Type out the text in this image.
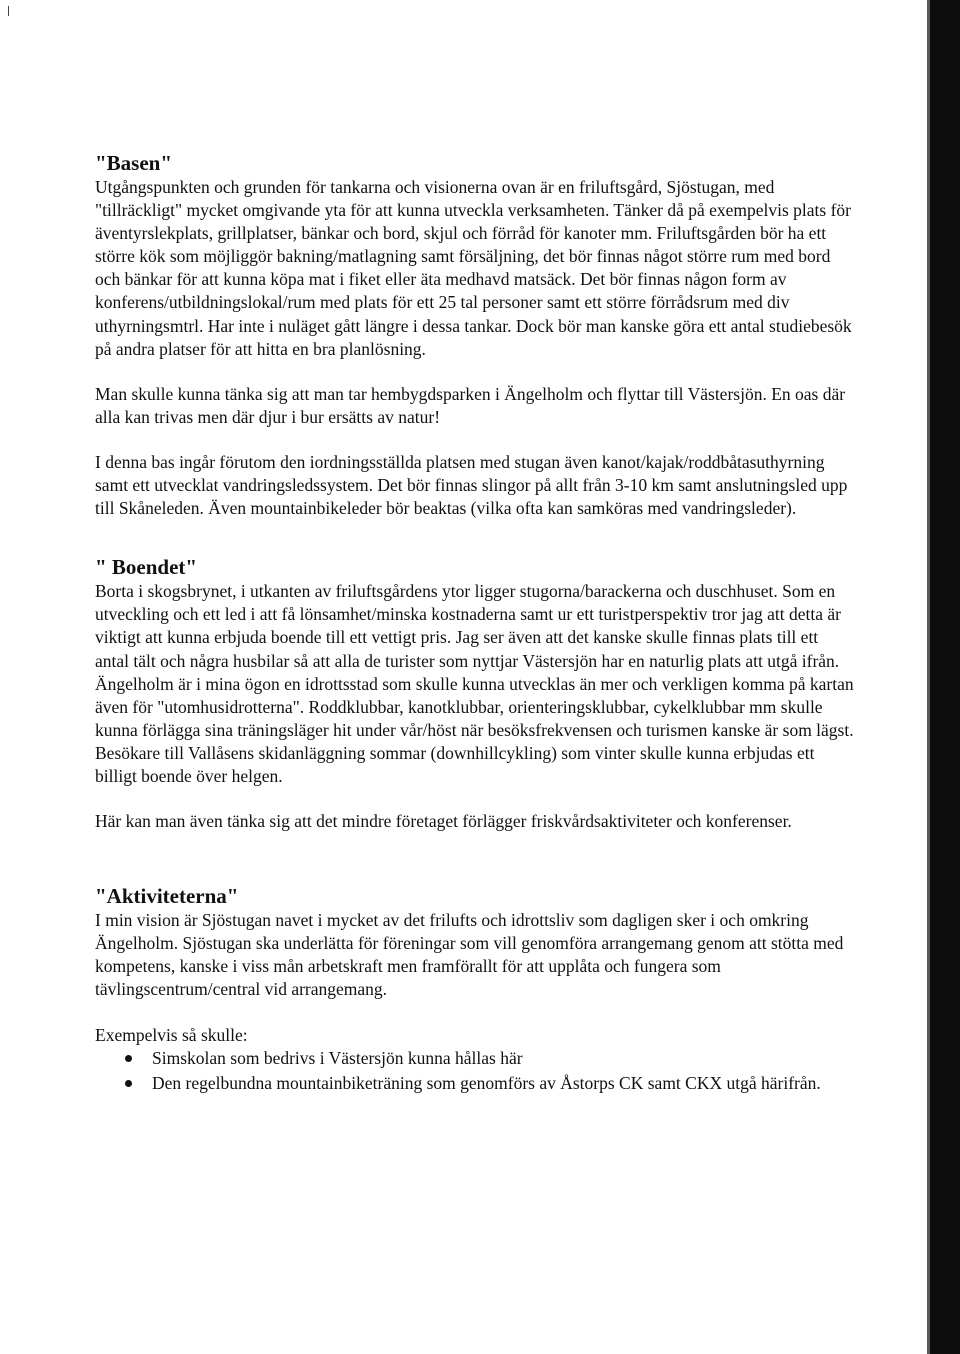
"Basen"

Utgångspunkten och grunden för tankarna och visionerna ovan är en friluftsgård, Sjöstugan, med "tillräckligt" mycket omgivande yta för att kunna utveckla verksamheten. Tänker då på exempelvis plats för äventyrslekplats, grillplatser, bänkar och bord, skjul och förråd för kanoter mm. Friluftsgården bör ha ett större kök som möjliggör bakning/matlagning samt försäljning, det bör finnas något större rum med bord och bänkar för att kunna köpa mat i fiket eller äta medhavd matsäck. Det bör finnas någon form av konferens/utbildningslokal/rum med plats för ett 25 tal personer samt ett större förrådsrum med div uthyrningsmtrl. Har inte i nuläget gått längre i dessa tankar. Dock bör man kanske göra ett antal studiebesök på andra platser för att hitta en bra planlösning.

Man skulle kunna tänka sig att man tar hembygdsparken i Ängelholm och flyttar till Västersjön. En oas där alla kan trivas men där djur i bur ersätts av natur!

I denna bas ingår förutom den iordningsställda platsen med stugan även kanot/kajak/roddbåtasuthyrning samt ett utvecklat vandringsledssystem. Det bör finnas slingor på allt från 3-10 km samt anslutningsled upp till Skåneleden. Även mountainbikeleder bör beaktas (vilka ofta kan samköras med vandringsleder).

" Boendet"

Borta i skogsbrynet, i utkanten av friluftsgårdens ytor ligger stugorna/barackerna och duschhuset. Som en utveckling och ett led i att få lönsamhet/minska kostnaderna samt ur ett turistperspektiv tror jag att detta är viktigt att kunna erbjuda boende till ett vettigt pris. Jag ser även att det kanske skulle finnas plats till ett antal tält och några husbilar så att alla de turister som nyttjar Västersjön har en naturlig plats att utgå ifrån. Ängelholm är i mina ögon en idrottsstad som skulle kunna utvecklas än mer och verkligen komma på kartan även för "utomhusidrotterna". Roddklubbar, kanotklubbar, orienteringsklubbar, cykelklubbar mm skulle kunna förlägga sina träningsläger hit under vår/höst när besöksfrekvensen och turismen kanske är som lägst. Besökare till Vallåsens skidanläggning sommar (downhillcykling) som vinter skulle kunna erbjudas ett billigt boende över helgen.

Här kan man även tänka sig att det mindre företaget förlägger friskvårdsaktiviteter och konferenser.

"Aktiviteterna"

I min vision är Sjöstugan navet i mycket av det frilufts och idrottsliv som dagligen sker i och omkring Ängelholm. Sjöstugan ska underlätta för föreningar som vill genomföra arrangemang genom att stötta med kompetens, kanske i viss mån arbetskraft men framförallt för att upplåta och fungera som tävlingscentrum/central vid arrangemang.

Exempelvis så skulle:

Simskolan som bedrivs i Västersjön kunna hållas här
Den regelbundna mountainbiketräning som genomförs av Åstorps CK samt CKX utgå härifrån.
